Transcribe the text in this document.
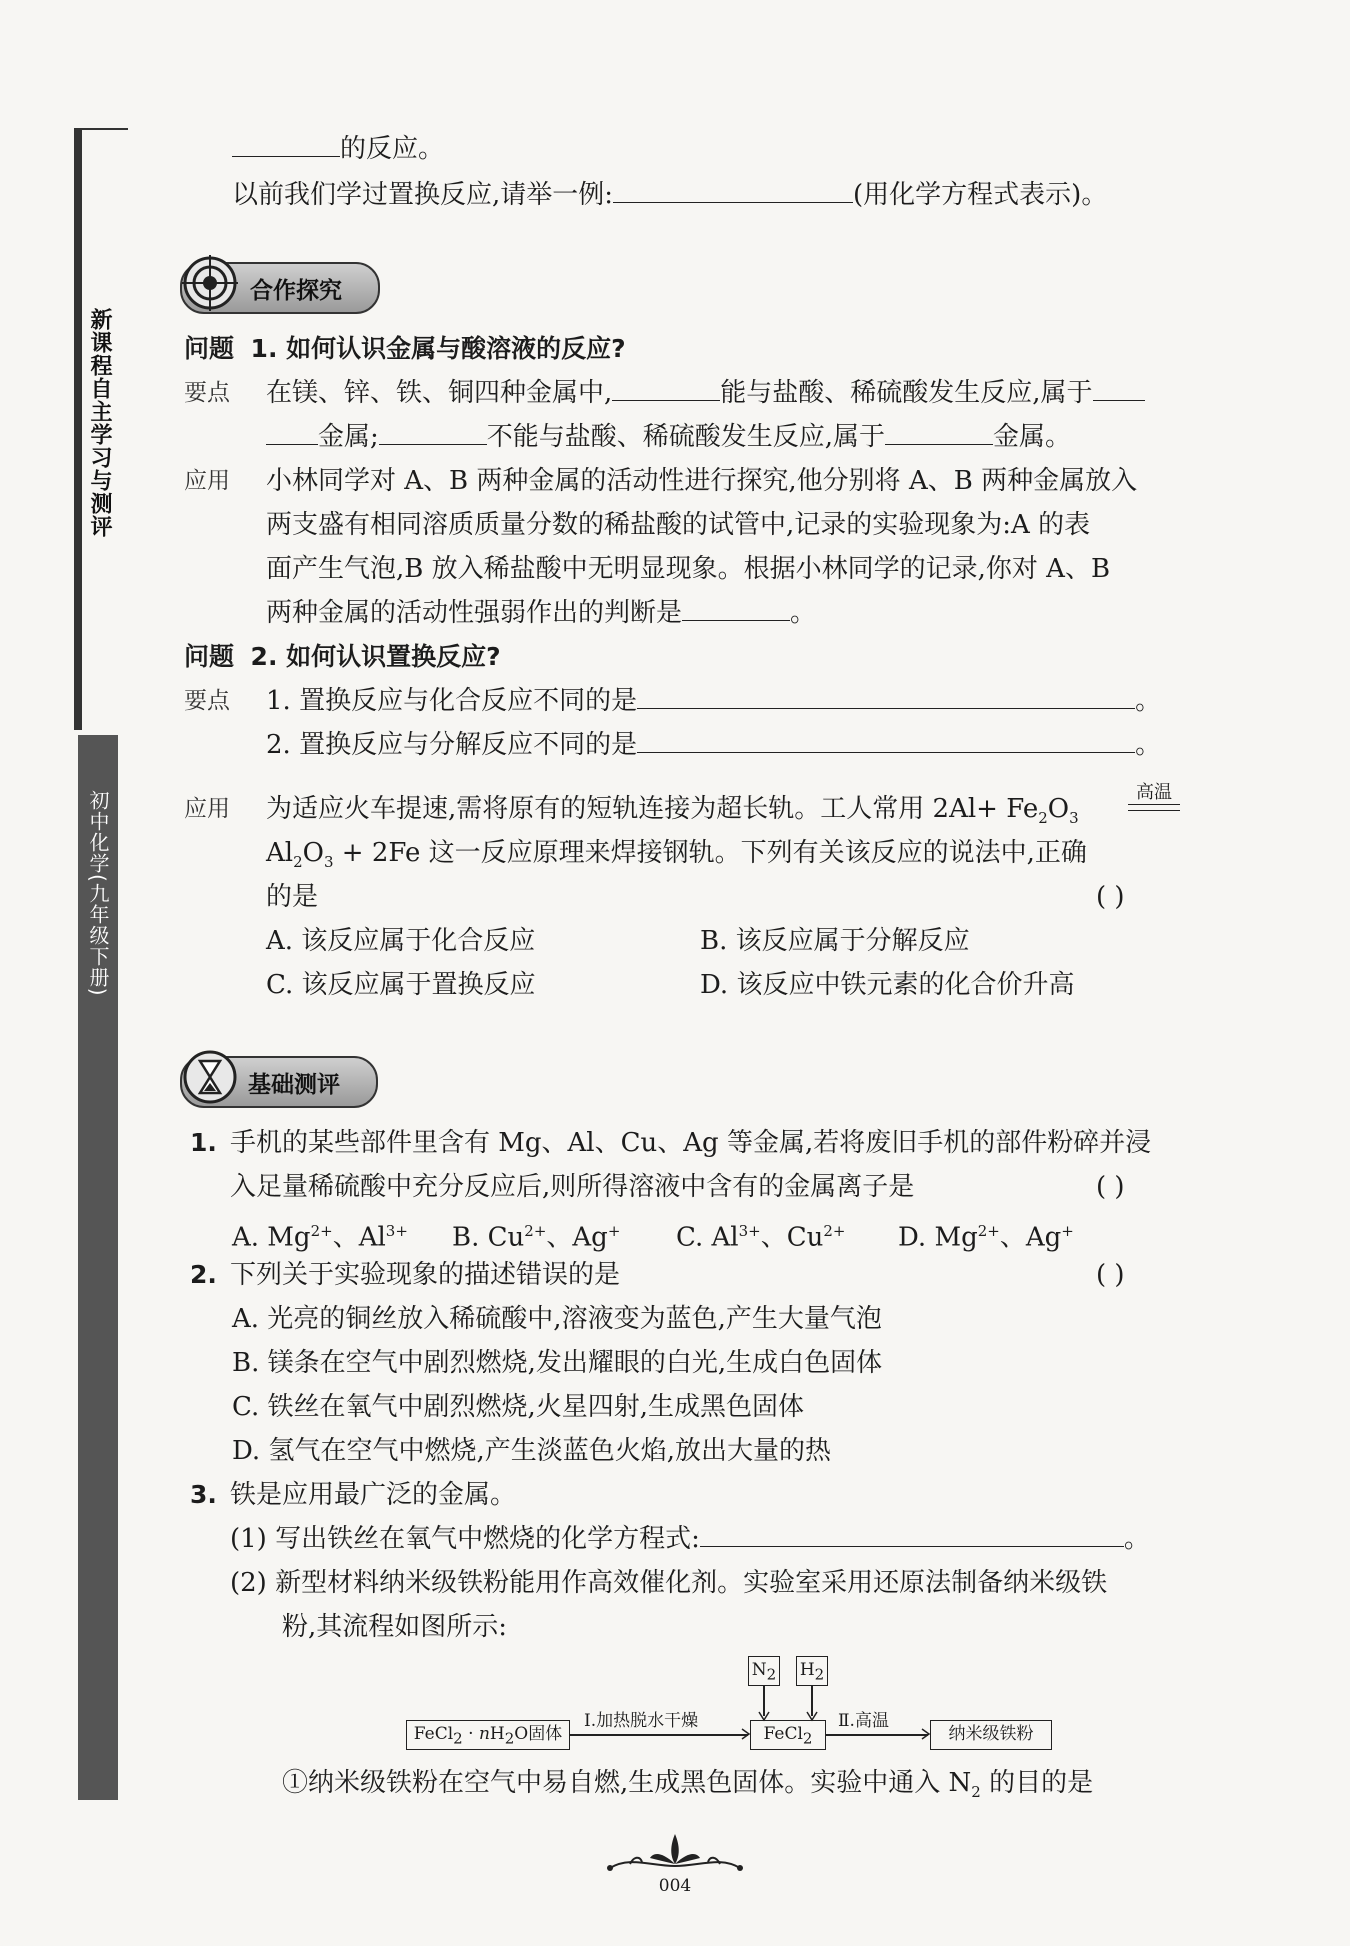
新课程自主学习与测评
初中化学(九年级下册)
的反应。
以前我们学过置换反应,请举一例:	(用化学方程式表示)。
合作探究
问题 1. 如何认识金属与酸溶液的反应?
要点 在镁、锌、铁、铜四种金属中,	能与盐酸、稀硫酸发生反应,属于
金属;	不能与盐酸、稀硫酸发生反应,属于	金属。
应用 小林同学对 A、B 两种金属的活动性进行探究,他分别将 A、B 两种金属放入
两支盛有相同溶质质量分数的稀盐酸的试管中,记录的实验现象为:A 的表
面产生气泡,B 放入稀盐酸中无明显现象。根据小林同学的记录,你对 A、B
两种金属的活动性强弱作出的判断是	。
问题 2. 如何认识置换反应?
要点 1. 置换反应与化合反应不同的是	。
2. 置换反应与分解反应不同的是	。
应用 为适应火车提速,需将原有的短轨连接为超长轨。工人常用 $2Al+ Fe_2O_3$
高温
$Al_2O_3 + 2Fe$ 这一反应原理来焊接钢轨。下列有关该反应的说法中,正确
的是	( )
A. 该反应属于化合反应	B. 该反应属于分解反应
C. 该反应属于置换反应	D. 该反应中铁元素的化合价升高
基础测评
1. 手机的某些部件里含有 Mg、Al、Cu、Ag 等金属,若将废旧手机的部件粉碎并浸
入足量稀硫酸中充分反应后,则所得溶液中含有的金属离子是	( )
A. $Mg^{2+}$、$Al^{3+}$ B. $Cu^{2+}$、Ag+ C. $Al^{3+}$、$Cu^{2+}$ D. $Mg^{2+}$、Ag+
2. 下列关于实验现象的描述错误的是	( )
A. 光亮的铜丝放入稀硫酸中,溶液变为蓝色,产生大量气泡
B. 镁条在空气中剧烈燃烧,发出耀眼的白光,生成白色固体
C. 铁丝在氧气中剧烈燃烧,火星四射,生成黑色固体
D. 氢气在空气中燃烧,产生淡蓝色火焰,放出大量的热
3. 铁是应用最广泛的金属。
(1) 写出铁丝在氧气中燃烧的化学方程式:	。
(2) 新型材料纳米级铁粉能用作高效催化剂。实验室采用还原法制备纳米级铁
粉,其流程如图所示:
$N_2$ $H_2$
FeCl$_2$ · $nH_2O$固体
Ⅰ.加热脱水干燥
FeCl$_2$
Ⅱ.高温
纳米级铁粉
①纳米级铁粉在空气中易自燃,生成黑色固体。实验中通入 $N_2$ 的目的是
004
